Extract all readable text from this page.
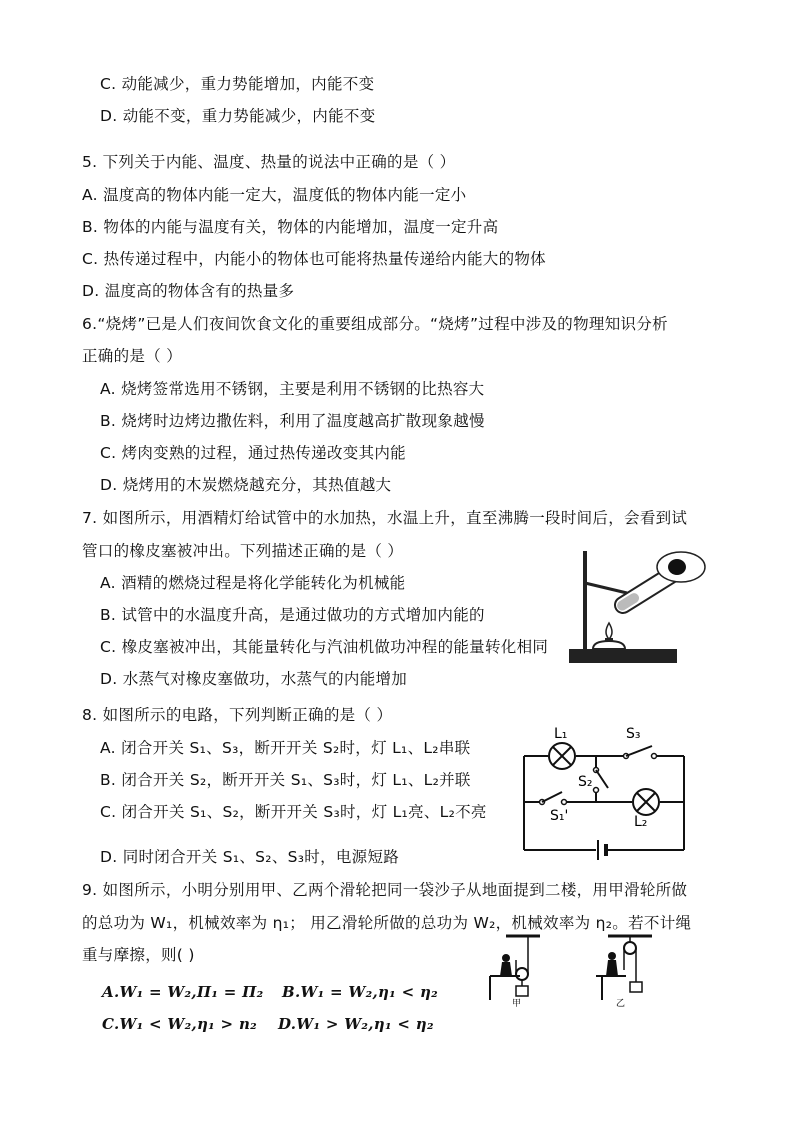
C. 动能减少，重力势能增加，内能不变
D. 动能不变，重力势能减少，内能不变
5. 下列关于内能、温度、热量的说法中正确的是（ ）
A. 温度高的物体内能一定大，温度低的物体内能一定小
B. 物体的内能与温度有关，物体的内能增加，温度一定升高
C. 热传递过程中，内能小的物体也可能将热量传递给内能大的物体
D. 温度高的物体含有的热量多
6.“烧烤”已是人们夜间饮食文化的重要组成部分。“烧烤”过程中涉及的物理知识分析
正确的是（ ）
A. 烧烤签常选用不锈钢，主要是利用不锈钢的比热容大
B. 烧烤时边烤边撒佐料，利用了温度越高扩散现象越慢
C. 烤肉变熟的过程，通过热传递改变其内能
D. 烧烤用的木炭燃烧越充分，其热值越大
7. 如图所示，用酒精灯给试管中的水加热，水温上升，直至沸腾一段时间后，会看到试
管口的橡皮塞被冲出。下列描述正确的是（ ）
A. 酒精的燃烧过程是将化学能转化为机械能
B. 试管中的水温度升高，是通过做功的方式增加内能的
C. 橡皮塞被冲出，其能量转化与汽油机做功冲程的能量转化相同
D. 水蒸气对橡皮塞做功，水蒸气的内能增加
8. 如图所示的电路，下列判断正确的是（ ）
A. 闭合开关 S₁、S₃，断开开关 S₂时，灯 L₁、L₂串联
B. 闭合开关 S₂，断开开关 S₁、S₃时，灯 L₁、L₂并联
C. 闭合开关 S₁、S₂，断开开关 S₃时，灯 L₁亮、L₂不亮
D. 同时闭合开关 S₁、S₂、S₃时，电源短路
L₁	S₃
S₂
S₁'	L₂
9. 如图所示，小明分别用甲、乙两个滑轮把同一袋沙子从地面提到二楼，用甲滑轮所做
的总功为 W₁，机械效率为 η₁； 用乙滑轮所做的总功为 W₂，机械效率为 η₂。若不计绳
重与摩擦，则( )
A.W₁ = W₂,Π₁ = Π₂ B.W₁ = W₂,η₁ < η₂
C.W₁ < W₂,η₁ > n₂ D.W₁ > W₂,η₁ < η₂
甲	乙
